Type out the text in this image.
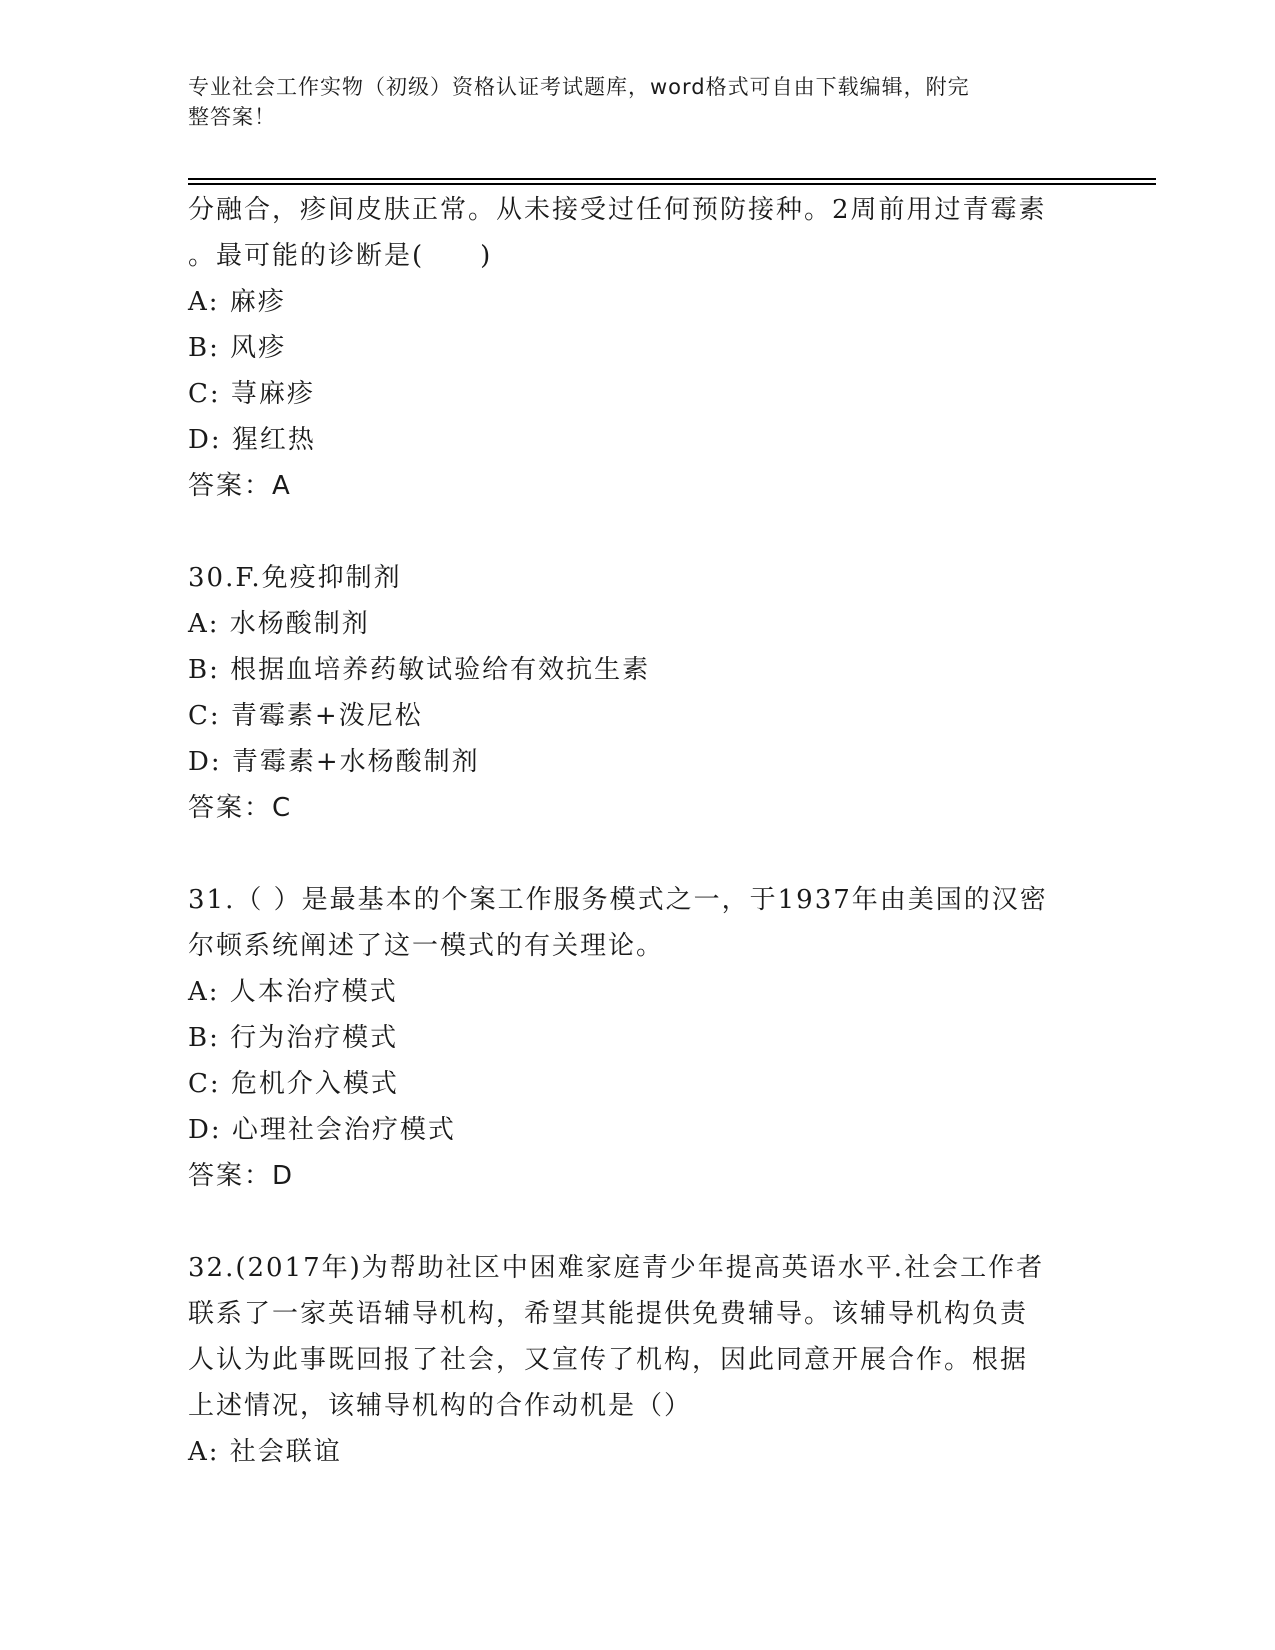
专业社会工作实物（初级）资格认证考试题库，word格式可自由下载编辑，附完
整答案！
分融合，疹间皮肤正常。从未接受过任何预防接种。2周前用过青霉素
。最可能的诊断是(　　)
A: 麻疹
B: 风疹
C: 荨麻疹
D: 猩红热
答案：A
30.F.免疫抑制剂
A: 水杨酸制剂
B: 根据血培养药敏试验给有效抗生素
C: 青霉素+泼尼松
D: 青霉素+水杨酸制剂
答案：C
31.（ ）是最基本的个案工作服务模式之一，于1937年由美国的汉密
尔顿系统阐述了这一模式的有关理论。
A: 人本治疗模式
B: 行为治疗模式
C: 危机介入模式
D: 心理社会治疗模式
答案：D
32.(2017年)为帮助社区中困难家庭青少年提高英语水平.社会工作者
联系了一家英语辅导机构，希望其能提供免费辅导。该辅导机构负责
人认为此事既回报了社会，又宣传了机构，因此同意开展合作。根据
上述情况，该辅导机构的合作动机是（）
A: 社会联谊
